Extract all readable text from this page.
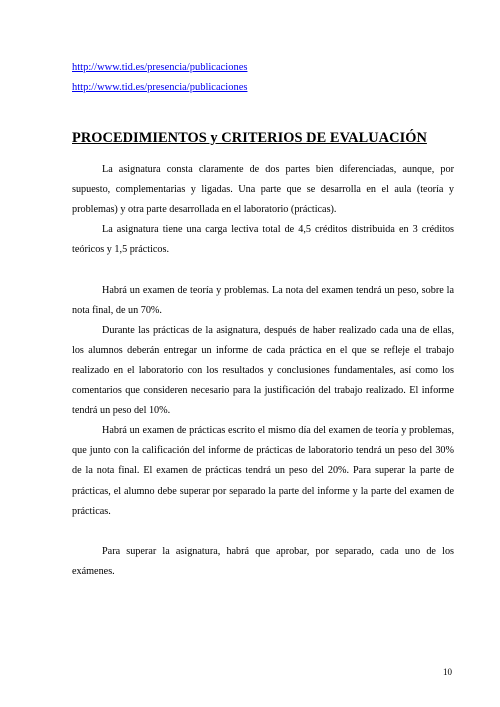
http://www.tid.es/presencia/publicaciones
http://www.tid.es/presencia/publicaciones
PROCEDIMIENTOS y CRITERIOS DE EVALUACIÓN

La asignatura consta claramente de dos partes bien diferenciadas, aunque, por supuesto, complementarias y ligadas. Una parte que se desarrolla en el aula (teoría y problemas) y otra parte desarrollada en el laboratorio (prácticas).

La asignatura tiene una carga lectiva total de 4,5 créditos distribuida en 3 créditos teóricos y 1,5 prácticos.

Habrá un examen de teoría y problemas. La nota del examen tendrá un peso, sobre la nota final, de un 70%.

Durante las prácticas de la asignatura, después de haber realizado cada una de ellas, los alumnos deberán entregar un informe de cada práctica en el que se refleje el trabajo realizado en el laboratorio con los resultados y conclusiones fundamentales, así como los comentarios que consideren necesario para la justificación del trabajo realizado. El informe tendrá un peso del 10%.

Habrá un examen de prácticas escrito el mismo día del examen de teoría y problemas, que junto con la calificación del informe de prácticas de laboratorio tendrá un peso del 30% de la nota final. El examen de prácticas tendrá un peso del 20%. Para superar la parte de prácticas, el alumno debe superar por separado la parte del informe y la parte del examen de prácticas.

Para superar la asignatura, habrá que aprobar, por separado, cada uno de los exámenes.

10
